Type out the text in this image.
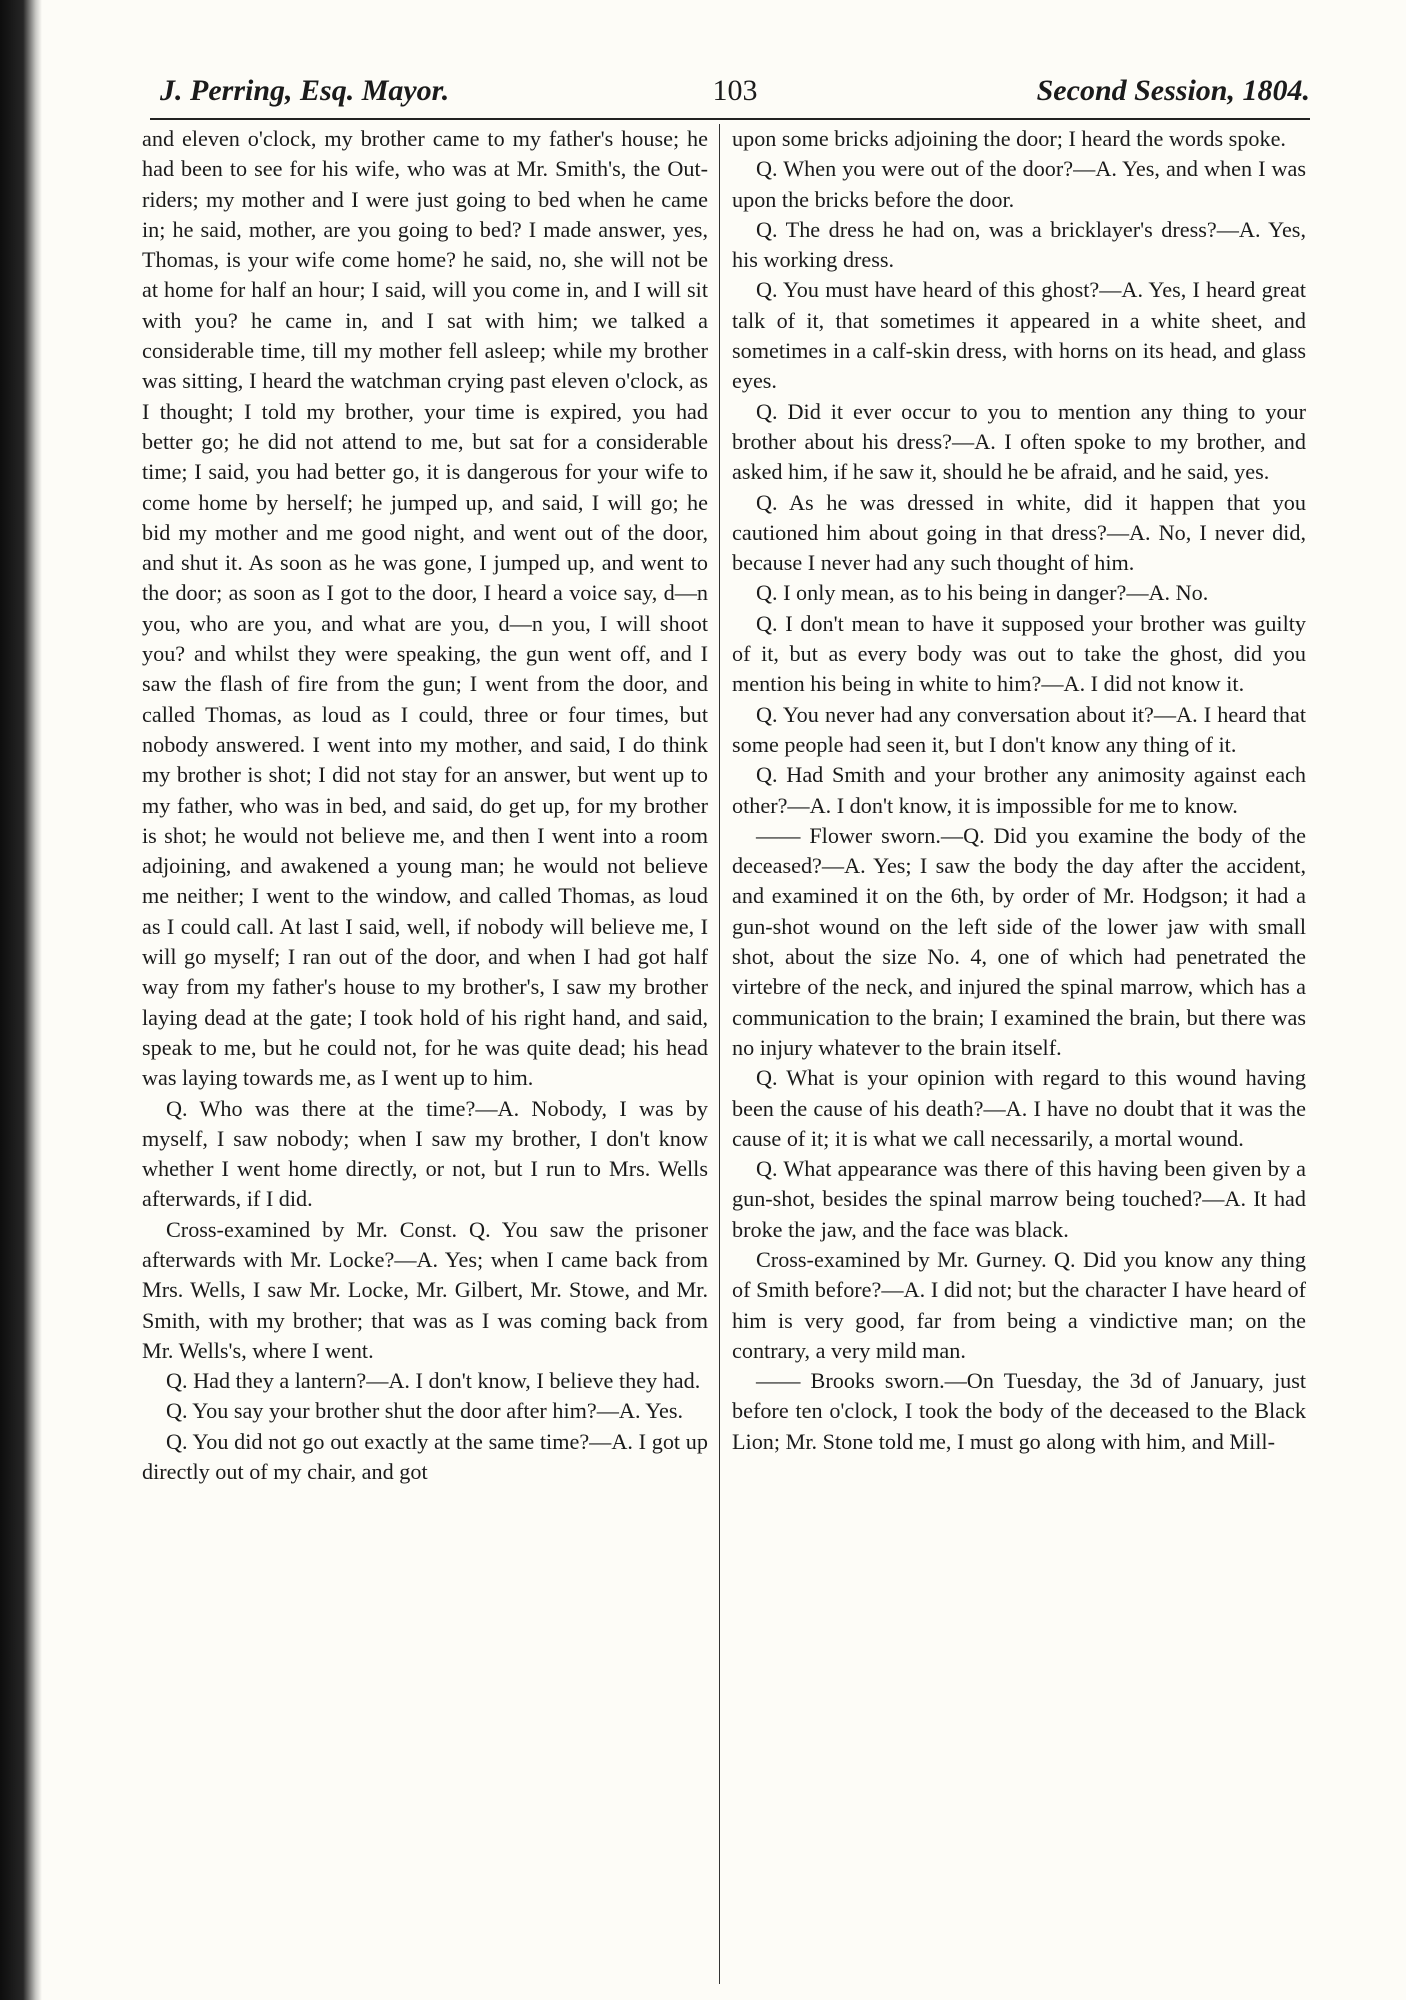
J. Perring, Esq. Mayor.	103	Second Session, 1804.

and eleven o'clock, my brother came to my father's house; he had been to see for his wife, who was at Mr. Smith's, the Out-riders; my mother and I were just going to bed when he came in; he said, mother, are you going to bed? I made answer, yes, Thomas, is your wife come home? he said, no, she will not be at home for half an hour; I said, will you come in, and I will sit with you? he came in, and I sat with him; we talked a considerable time, till my mother fell asleep; while my brother was sitting, I heard the watchman crying past eleven o'clock, as I thought; I told my brother, your time is expired, you had better go; he did not attend to me, but sat for a considerable time; I said, you had better go, it is dangerous for your wife to come home by herself; he jumped up, and said, I will go; he bid my mother and me good night, and went out of the door, and shut it. As soon as he was gone, I jumped up, and went to the door; as soon as I got to the door, I heard a voice say, d—n you, who are you, and what are you, d—n you, I will shoot you? and whilst they were speaking, the gun went off, and I saw the flash of fire from the gun; I went from the door, and called Thomas, as loud as I could, three or four times, but nobody answered. I went into my mother, and said, I do think my brother is shot; I did not stay for an answer, but went up to my father, who was in bed, and said, do get up, for my brother is shot; he would not believe me, and then I went into a room adjoining, and awakened a young man; he would not believe me neither; I went to the window, and called Thomas, as loud as I could call. At last I said, well, if nobody will believe me, I will go myself; I ran out of the door, and when I had got half way from my father's house to my brother's, I saw my brother laying dead at the gate; I took hold of his right hand, and said, speak to me, but he could not, for he was quite dead; his head was laying towards me, as I went up to him.

Q. Who was there at the time?—A. Nobody, I was by myself, I saw nobody; when I saw my brother, I don't know whether I went home directly, or not, but I run to Mrs. Wells afterwards, if I did.

Cross-examined by Mr. Const. Q. You saw the prisoner afterwards with Mr. Locke?—A. Yes; when I came back from Mrs. Wells, I saw Mr. Locke, Mr. Gilbert, Mr. Stowe, and Mr. Smith, with my brother; that was as I was coming back from Mr. Wells's, where I went.

Q. Had they a lantern?—A. I don't know, I believe they had.

Q. You say your brother shut the door after him?—A. Yes.

Q. You did not go out exactly at the same time?—A. I got up directly out of my chair, and got

upon some bricks adjoining the door; I heard the words spoke.

Q. When you were out of the door?—A. Yes, and when I was upon the bricks before the door.

Q. The dress he had on, was a bricklayer's dress?—A. Yes, his working dress.

Q. You must have heard of this ghost?—A. Yes, I heard great talk of it, that sometimes it appeared in a white sheet, and sometimes in a calf-skin dress, with horns on its head, and glass eyes.

Q. Did it ever occur to you to mention any thing to your brother about his dress?—A. I often spoke to my brother, and asked him, if he saw it, should he be afraid, and he said, yes.

Q. As he was dressed in white, did it happen that you cautioned him about going in that dress?—A. No, I never did, because I never had any such thought of him.

Q. I only mean, as to his being in danger?—A. No.

Q. I don't mean to have it supposed your brother was guilty of it, but as every body was out to take the ghost, did you mention his being in white to him?—A. I did not know it.

Q. You never had any conversation about it?—A. I heard that some people had seen it, but I don't know any thing of it.

Q. Had Smith and your brother any animosity against each other?—A. I don't know, it is impossible for me to know.

—— Flower sworn.—Q. Did you examine the body of the deceased?—A. Yes; I saw the body the day after the accident, and examined it on the 6th, by order of Mr. Hodgson; it had a gun-shot wound on the left side of the lower jaw with small shot, about the size No. 4, one of which had penetrated the virtebre of the neck, and injured the spinal marrow, which has a communication to the brain; I examined the brain, but there was no injury whatever to the brain itself.

Q. What is your opinion with regard to this wound having been the cause of his death?—A. I have no doubt that it was the cause of it; it is what we call necessarily, a mortal wound.

Q. What appearance was there of this having been given by a gun-shot, besides the spinal marrow being touched?—A. It had broke the jaw, and the face was black.

Cross-examined by Mr. Gurney. Q. Did you know any thing of Smith before?—A. I did not; but the character I have heard of him is very good, far from being a vindictive man; on the contrary, a very mild man.

—— Brooks sworn.—On Tuesday, the 3d of January, just before ten o'clock, I took the body of the deceased to the Black Lion; Mr. Stone told me, I must go along with him, and Mill-
